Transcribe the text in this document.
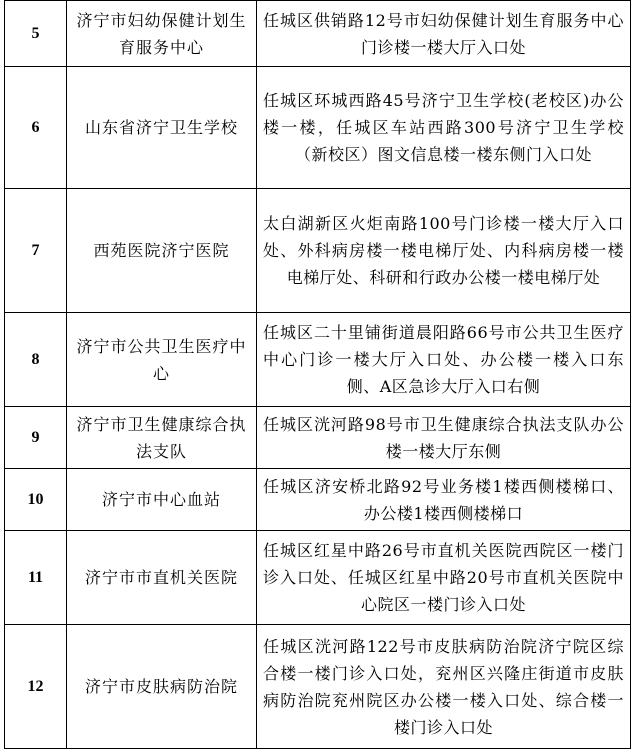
5	济宁市妇幼保健计划生育服务中心	任城区供销路12号市妇幼保健计划生育服务中心门诊楼一楼大厅入口处
6	山东省济宁卫生学校	任城区环城西路45号济宁卫生学校(老校区)办公楼一楼，任城区车站西路300号济宁卫生学校（新校区）图文信息楼一楼东侧门入口处
7	西苑医院济宁医院	太白湖新区火炬南路100号门诊楼一楼大厅入口处、外科病房楼一楼电梯厅处、内科病房楼一楼电梯厅处、科研和行政办公楼一楼电梯厅处
8	济宁市公共卫生医疗中心	任城区二十里铺街道晨阳路66号市公共卫生医疗中心门诊一楼大厅入口处、办公楼一楼入口东侧、A区急诊大厅入口右侧
9	济宁市卫生健康综合执法支队	任城区洸河路98号市卫生健康综合执法支队办公楼一楼大厅东侧
10	济宁市中心血站	任城区济安桥北路92号业务楼1楼西侧楼梯口、办公楼1楼西侧楼梯口
11	济宁市市直机关医院	任城区红星中路26号市直机关医院西院区一楼门诊入口处、任城区红星中路20号市直机关医院中心院区一楼门诊入口处
12	济宁市皮肤病防治院	任城区洸河路122号市皮肤病防治院济宁院区综合楼一楼门诊入口处，兖州区兴隆庄街道市皮肤病防治院兖州院区办公楼一楼入口处、综合楼一楼门诊入口处
